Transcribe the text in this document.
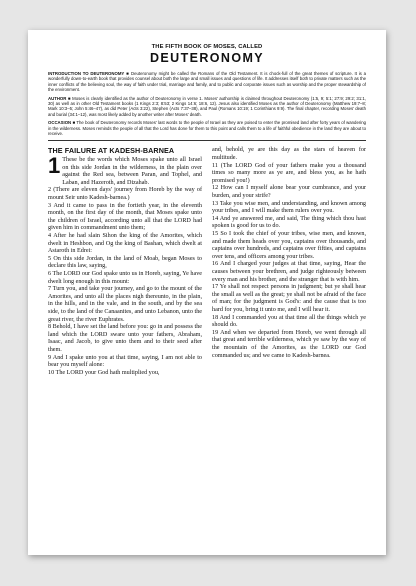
THE FIFTH BOOK OF MOSES, CALLED

DEUTERONOMY

INTRODUCTION TO DEUTERONOMY ■ Deuteronomy might be called the Romans of the Old Testament. It is chock-full of the great themes of scripture. It is a wonderfully down-to-earth book that provides counsel about both the large and small issues and questions of life. It addresses itself both to private matters such as the inner conflicts of the believing soul, the way of faith under trial, marriage and family, and to public and corporate issues such as worship and the proper stewardship of the environment.

AUTHOR ■ Moses is clearly identified as the author of Deuteronomy in verse 1. Moses' authorship is claimed throughout Deuteronomy (1:5, 9; 5:1; 27:9; 29:2; 31:1, 30) as well as in other Old Testament books (1 Kings 2:3; 8:53; 2 Kings 14:6; 18:6, 12). Jesus also identified Moses as the author of Deuteronomy (Matthew 19:7–8; Mark 10:3–5; John 5:46–47), as did Peter (Acts 3:22), Stephen (Acts 7:37–38), and Paul (Romans 10:19; 1 Corinthians 9:9). The final chapter, recording Moses' death and burial (34:1–12), was most likely added by another writer after Moses' death.

OCCASION ■ The book of Deuteronomy records Moses' last words to the people of Israel as they are poised to enter the promised land after forty years of wandering in the wilderness. Moses reminds the people of all that the Lord has done for them to this point and calls them to a life of faithful obedience in the land they are about to receive.

THE FAILURE AT KADESH-BARNEA
1 These be the words which Moses spake unto all Israel on this side Jordan in the wilderness, in the plain over against the Red sea, between Paran, and Tophel, and Laban, and Hazeroth, and Dizahab.

2 (There are eleven days' journey from Horeb by the way of mount Seir unto Kadesh-barnea.)

3 And it came to pass in the fortieth year, in the eleventh month, on the first day of the month, that Moses spake unto the children of Israel, according unto all that the LORD had given him in commandment unto them;

4 After he had slain Sihon the king of the Amorites, which dwelt in Heshbon, and Og the king of Bashan, which dwelt at Astaroth in Edrei:

5 On this side Jordan, in the land of Moab, began Moses to declare this law, saying,

6 The LORD our God spake unto us in Horeb, saying, Ye have dwelt long enough in this mount:

7 Turn you, and take your journey, and go to the mount of the Amorites, and unto all the places nigh thereunto, in the plain, in the hills, and in the vale, and in the south, and by the sea side, to the land of the Canaanites, and unto Lebanon, unto the great river, the river Euphrates.

8 Behold, I have set the land before you: go in and possess the land which the LORD sware unto your fathers, Abraham, Isaac, and Jacob, to give unto them and to their seed after them.

9 And I spake unto you at that time, saying, I am not able to bear you myself alone:

10 The LORD your God hath multiplied you,

and, behold, ye are this day as the stars of heaven for multitude.

11 (The LORD God of your fathers make you a thousand times so many more as ye are, and bless you, as he hath promised you!)

12 How can I myself alone bear your cumbrance, and your burden, and your strife?

13 Take you wise men, and understanding, and known among your tribes, and I will make them rulers over you.

14 And ye answered me, and said, The thing which thou hast spoken is good for us to do.

15 So I took the chief of your tribes, wise men, and known, and made them heads over you, captains over thousands, and captains over hundreds, and captains over fifties, and captains over tens, and officers among your tribes.

16 And I charged your judges at that time, saying, Hear the causes between your brethren, and judge righteously between every man and his brother, and the stranger that is with him.

17 Ye shall not respect persons in judgment; but ye shall hear the small as well as the great; ye shall not be afraid of the face of man; for the judgment is God's: and the cause that is too hard for you, bring it unto me, and I will hear it.

18 And I commanded you at that time all the things which ye should do.

19 And when we departed from Horeb, we went through all that great and terrible wilderness, which ye saw by the way of the mountain of the Amorites, as the LORD our God commanded us; and we came to Kadesh-barnea.
